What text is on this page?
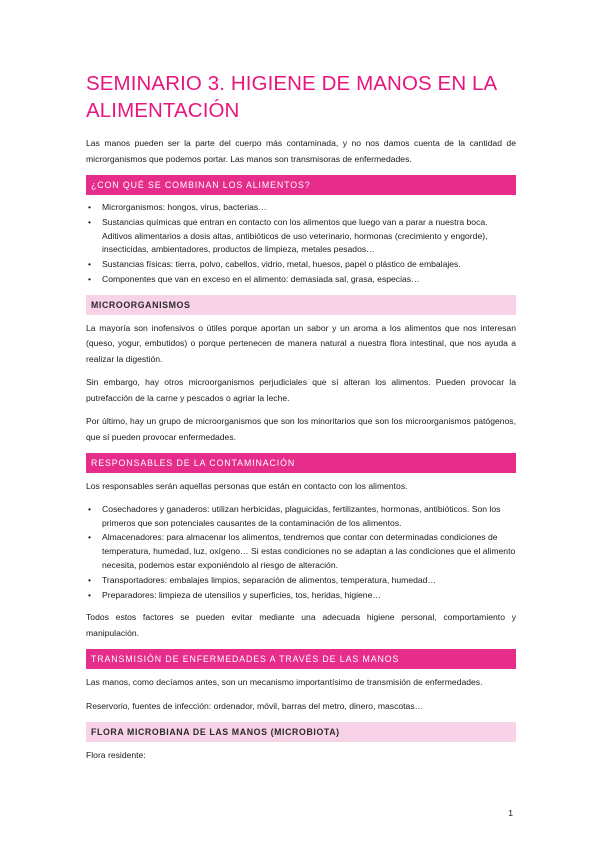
SEMINARIO 3. HIGIENE DE MANOS EN LA ALIMENTACIÓN

Las manos pueden ser la parte del cuerpo más contaminada, y no nos damos cuenta de la cantidad de microrganismos que podemos portar. Las manos son transmisoras de enfermedades.

¿CON QUÉ SE COMBINAN LOS ALIMENTOS?
• Microrganismos: hongos, virus, bacterias…
• Sustancias químicas que entran en contacto con los alimentos que luego van a parar a nuestra boca. Aditivos alimentarios a dosis altas, antibióticos de uso veterinario, hormonas (crecimiento y engorde), insecticidas, ambientadores, productos de limpieza, metales pesados…
• Sustancias físicas: tierra, polvo, cabellos, vidrio, metal, huesos, papel o plástico de embalajes.
• Componentes que van en exceso en el alimento: demasiada sal, grasa, especias…
MICROORGANISMOS

La mayoría son inofensivos o útiles porque aportan un sabor y un aroma a los alimentos que nos interesan (queso, yogur, embutidos) o porque pertenecen de manera natural a nuestra flora intestinal, que nos ayuda a realizar la digestión.

Sin embargo, hay otros microorganismos perjudiciales que sí alteran los alimentos. Pueden provocar la putrefacción de la carne y pescados o agriar la leche.

Por último, hay un grupo de microorganismos que son los minoritarios que son los microorganismos patógenos, que sí pueden provocar enfermedades.

RESPONSABLES DE LA CONTAMINACIÓN

Los responsables serán aquellas personas que están en contacto con los alimentos.

• Cosechadores y ganaderos: utilizan herbicidas, plaguicidas, fertilizantes, hormonas, antibióticos. Son los primeros que son potenciales causantes de la contaminación de los alimentos.
• Almacenadores: para almacenar los alimentos, tendremos que contar con determinadas condiciones de temperatura, humedad, luz, oxígeno… Si estas condiciones no se adaptan a las condiciones que el alimento necesita, podemos estar exponiéndolo al riesgo de alteración.
• Transportadores: embalajes limpios, separación de alimentos, temperatura, humedad…
• Preparadores: limpieza de utensilios y superficies, tos, heridas, higiene…

Todos estos factores se pueden evitar mediante una adecuada higiene personal, comportamiento y manipulación.

TRANSMISIÓN DE ENFERMEDADES A TRAVÉS DE LAS MANOS

Las manos, como decíamos antes, son un mecanismo importantísimo de transmisión de enfermedades.

Reservorio, fuentes de infección: ordenador, móvil, barras del metro, dinero, mascotas…

FLORA MICROBIANA DE LAS MANOS (MICROBIOTA)

Flora residente:

1
